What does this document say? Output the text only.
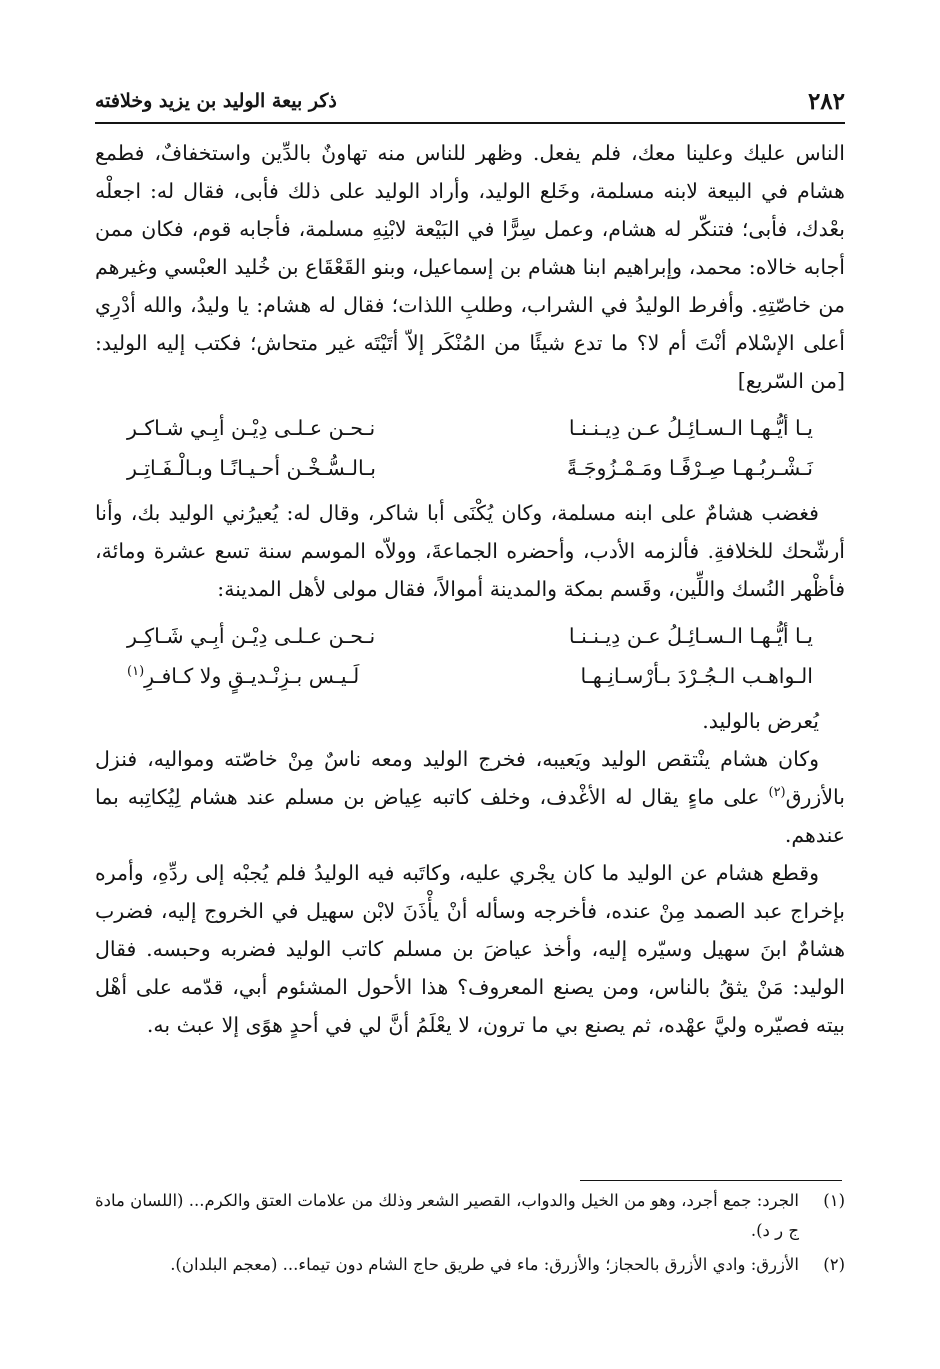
٢٨٢
ذكر بيعة الوليد بن يزيد وخلافته

الناس عليك وعلينا معك، فلم يفعل. وظهر للناس منه تهاونٌ بالدِّين واستخفافٌ، فطمع هشام في البيعة لابنه مسلمة، وخَلع الوليد، وأراد الوليد على ذلك فأبى، فقال له: اجعلْه بعْدك، فأبى؛ فتنكّر له هشام، وعمل سِرًّا في البَيْعة لابْنِهِ مسلمة، فأجابه قوم، فكان ممن أجابه خالاه: محمد، وإبراهيم ابنا هشام بن إسماعيل، وبنو القَعْقَاع بن خُليد العبْسي وغيرهم من خاصّتِهِ. وأفرط الوليدُ في الشراب، وطلبِ اللذات؛ فقال له هشام: يا وليدُ، والله أدْرِي أعلى الإسْلام أنْتَ أم لا؟ ما تدع شيئًا من المُنْكَر إلاّ أتَيْتَه غير متحاش؛ فكتب إليه الوليد: [من السّريع]

يـا أيُّـهـا الـسـائِـلُ عـن دِيـنـنـا
نـحـن عـلـى دِيْـن أبِـي شـاكـر
نَـشْـربُـهـا صِـرْفًـا ومَـمْـزُوجَـةً
بـالـسُّـخْـن أحـيـانًـا وبـالْـفَـاتِـر

فغضب هشامٌ على ابنه مسلمة، وكان يُكْنَى أبا شاكر، وقال له: يُعيرُني الوليد بك، وأنا أرشّحك للخلافةِ. فألزمه الأدب، وأحضره الجماعةَ، وولاّه الموسم سنة تسع عشرة ومائة، فأظْهر النُسك واللِّين، وقَسم بمكة والمدينة أموالاً، فقال مولى لأهل المدينة:

يـا أيُّـهـا الـسـائِـلُ عـن دِيـنـنـا
نـحـن عـلـى دِيْـن أبِـي شَـاكِـر
الـواهـب الـجُـرْدَ بـأرْسـانِـهـا
لَـيـس بـزِنْـديـقٍ ولا كـافـرِ$^{(١)}$

يُعرض بالوليد.

وكان هشام ينْتقص الوليد ويَعيبه، فخرج الوليد ومعه ناسٌ مِنْ خاصّته ومواليه، فنزل بالأزرق$^{(٢)}$ على ماءٍ يقال له الأغْدف، وخلف كاتبه عِياض بن مسلم عند هشام لِيُكاتِبه بما عندهم.

وقطع هشام عن الوليد ما كان يجْري عليه، وكاتَبه فيه الوليدُ فلم يُجبْه إلى ردِّهِ، وأمره بإخراج عبد الصمد مِنْ عنده، فأخرجه وسأله أنْ يأْذَنَ لابْن سهيل في الخروج إليه، فضرب هشامٌ ابنَ سهيل وسيّره إليه، وأخذ عياضَ بن مسلم كاتب الوليد فضربه وحبسه. فقال الوليد: مَنْ يثقُ بالناس، ومن يصنع المعروف؟ هذا الأحول المشئوم أبي، قدّمه على أهْل بيته فصيّره وليَّ عهْده، ثم يصنع بي ما ترون، لا يعْلَمُ أنَّ لي في أحدٍ هوًى إلا عبث به.

(١)
الجرد: جمع أجرد، وهو من الخيل والدواب، القصير الشعر وذلك من علامات العتق والكرم... (اللسان مادة ج ر د).
(٢)
الأزرق: وادي الأزرق بالحجاز؛ والأزرق: ماء في طريق حاج الشام دون تيماء... (معجم البلدان).
